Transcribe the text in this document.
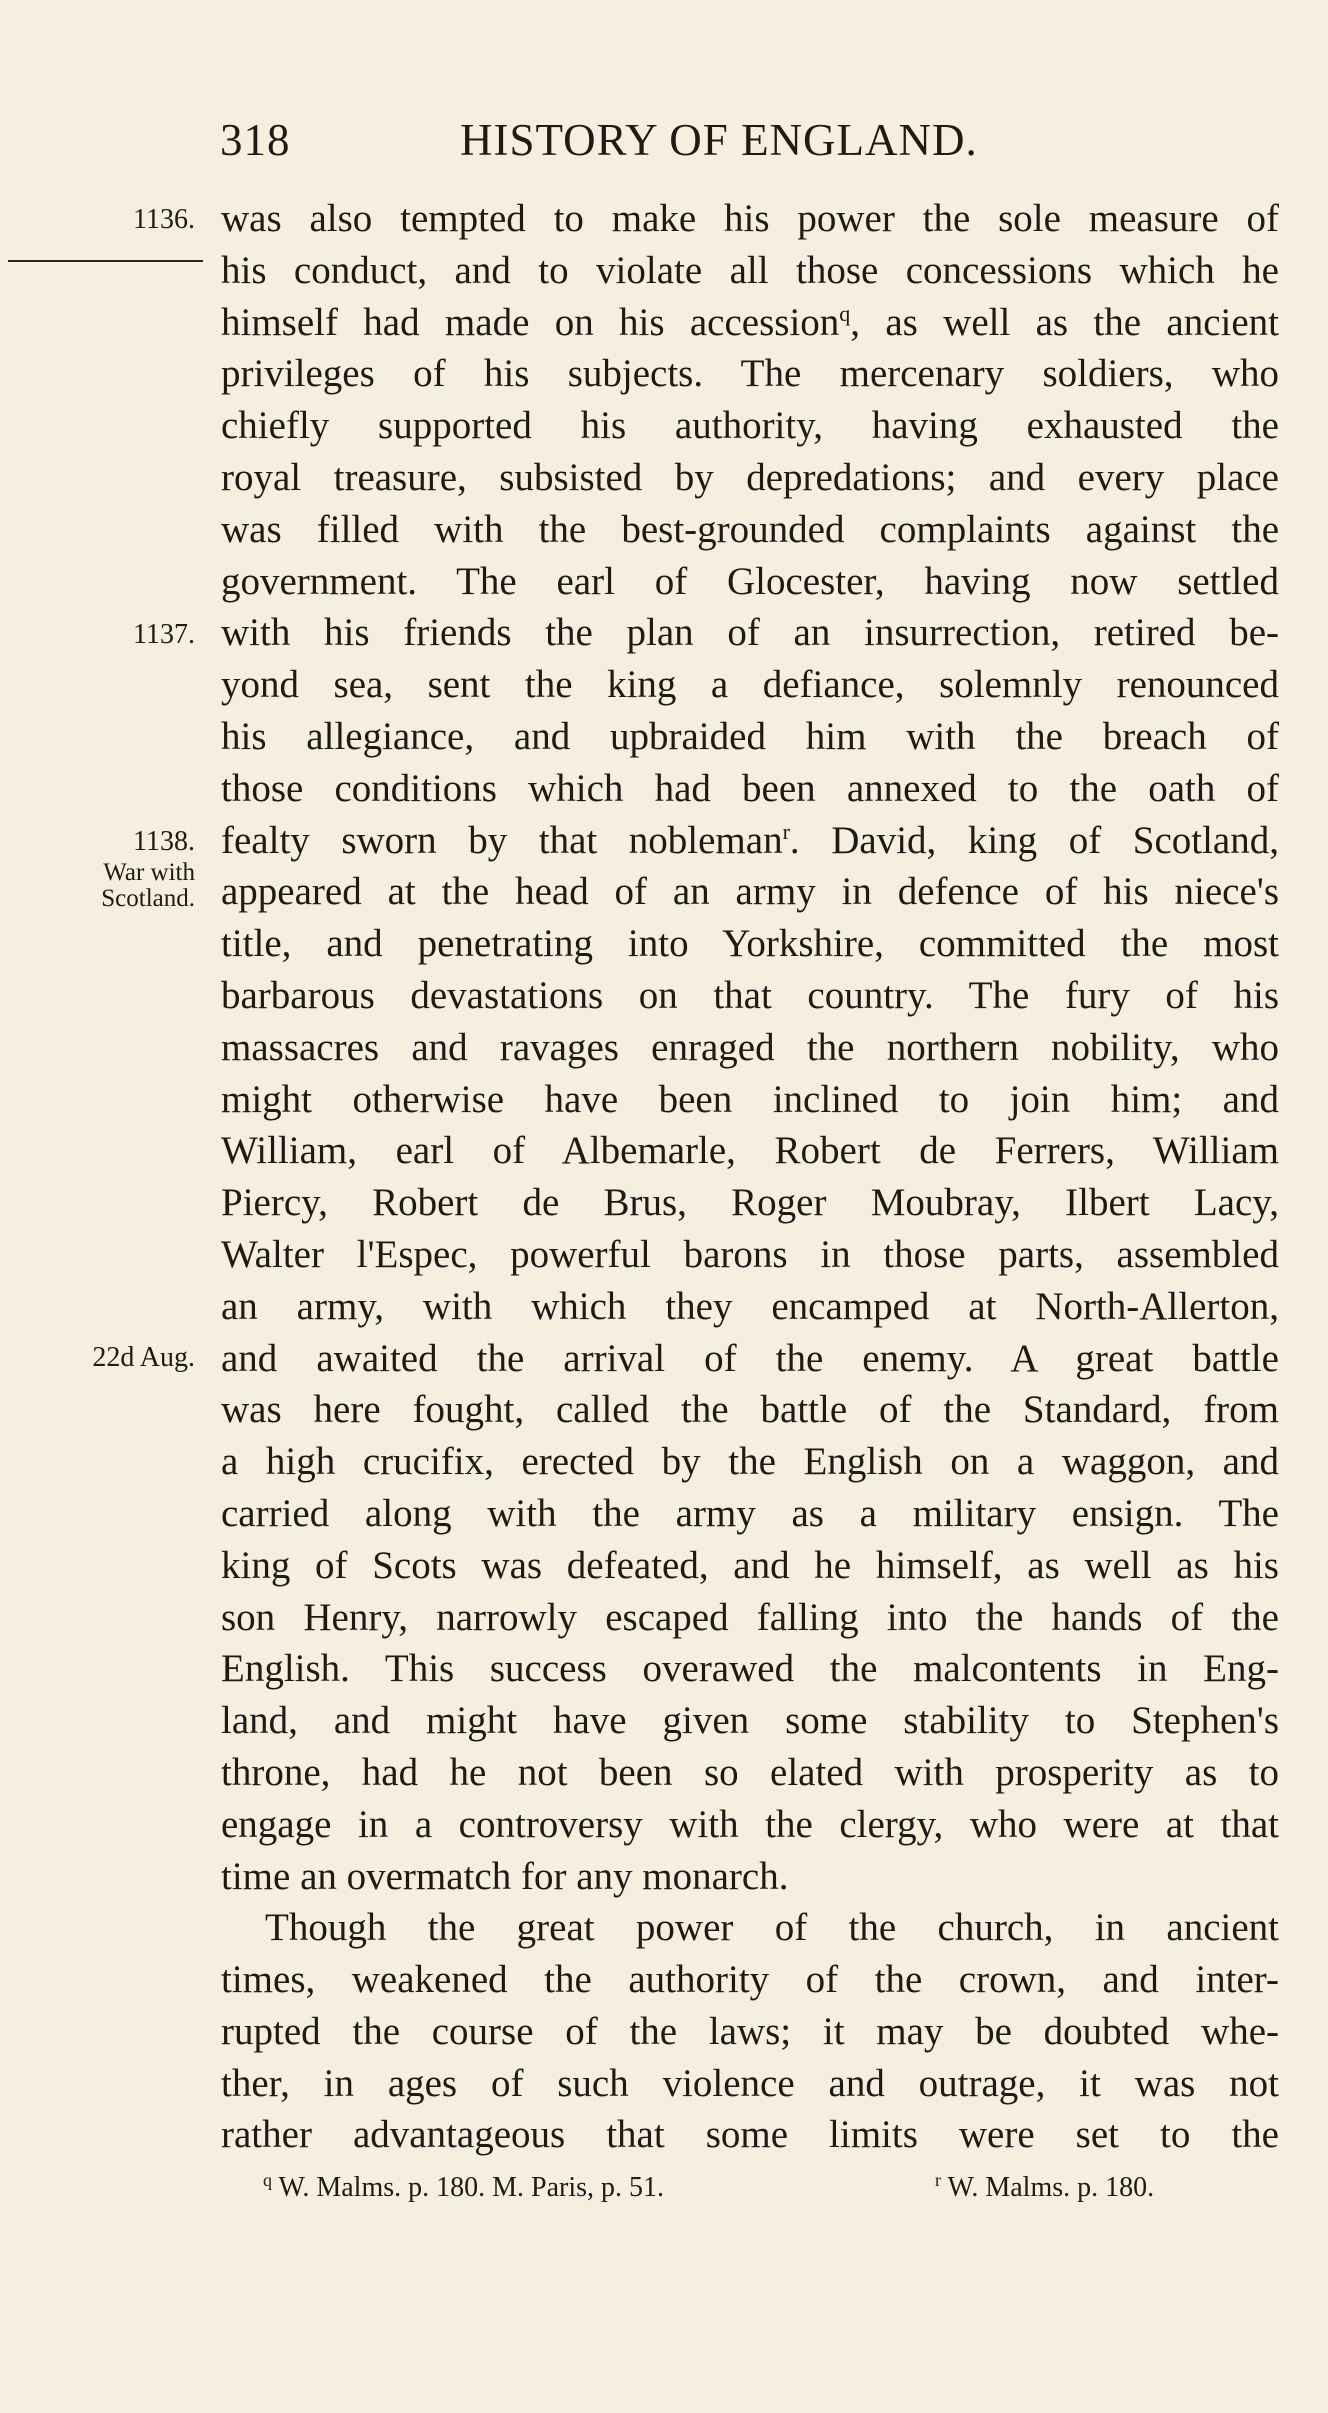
318	HISTORY OF ENGLAND.
1136.
1137.
1138.
War with
Scotland.
22d Aug.
was also tempted to make his power the sole measure of
his conduct, and to violate all those concessions which he
himself had made on his accession$^q$, as well as the ancient
privileges of his subjects. The mercenary soldiers, who
chiefly supported his authority, having exhausted the
royal treasure, subsisted by depredations; and every place
was filled with the best-grounded complaints against the
government. The earl of Glocester, having now settled
with his friends the plan of an insurrection, retired be-
yond sea, sent the king a defiance, solemnly renounced
his allegiance, and upbraided him with the breach of
those conditions which had been annexed to the oath of
fealty sworn by that nobleman$^r$. David, king of Scotland,
appeared at the head of an army in defence of his niece's
title, and penetrating into Yorkshire, committed the most
barbarous devastations on that country. The fury of his
massacres and ravages enraged the northern nobility, who
might otherwise have been inclined to join him; and
William, earl of Albemarle, Robert de Ferrers, William
Piercy, Robert de Brus, Roger Moubray, Ilbert Lacy,
Walter l'Espec, powerful barons in those parts, assembled
an army, with which they encamped at North-Allerton,
and awaited the arrival of the enemy. A great battle
was here fought, called the battle of the Standard, from
a high crucifix, erected by the English on a waggon, and
carried along with the army as a military ensign. The
king of Scots was defeated, and he himself, as well as his
son Henry, narrowly escaped falling into the hands of the
English. This success overawed the malcontents in Eng-
land, and might have given some stability to Stephen's
throne, had he not been so elated with prosperity as to
engage in a controversy with the clergy, who were at that
time an overmatch for any monarch.
Though the great power of the church, in ancient
times, weakened the authority of the crown, and inter-
rupted the course of the laws; it may be doubted whe-
ther, in ages of such violence and outrage, it was not
rather advantageous that some limits were set to the
$^q$ W. Malms. p. 180. M. Paris, p. 51.	$^r$ W. Malms. p. 180.
